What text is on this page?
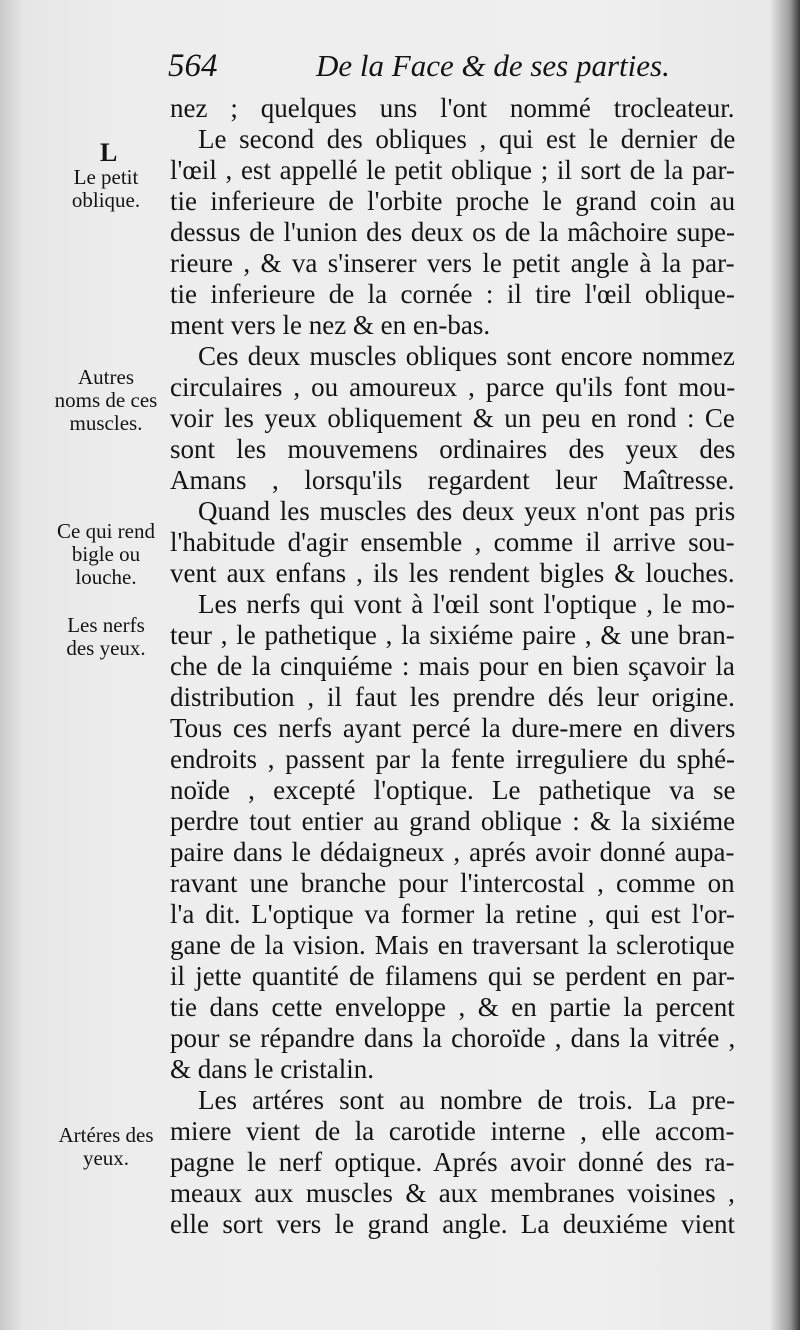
564	De la Face & de ses parties.
L
Le petit
oblique.
Autres
noms de ces
muscles.
Ce qui rend
bigle ou
louche.
Les nerfs
des yeux.
Artéres des
yeux.
nez ; quelques uns l'ont nommé trocleateur.
Le second des obliques , qui est le dernier de
l'œil , est appellé le petit oblique ; il sort de la par-
tie inferieure de l'orbite proche le grand coin au
dessus de l'union des deux os de la mâchoire supe-
rieure , & va s'inserer vers le petit angle à la par-
tie inferieure de la cornée : il tire l'œil oblique-
ment vers le nez & en en-bas.
Ces deux muscles obliques sont encore nommez
circulaires , ou amoureux , parce qu'ils font mou-
voir les yeux obliquement & un peu en rond : Ce
sont les mouvemens ordinaires des yeux des
Amans , lorsqu'ils regardent leur Maîtresse.
Quand les muscles des deux yeux n'ont pas pris
l'habitude d'agir ensemble , comme il arrive sou-
vent aux enfans , ils les rendent bigles & louches.
Les nerfs qui vont à l'œil sont l'optique , le mo-
teur , le pathetique , la sixiéme paire , & une bran-
che de la cinquiéme : mais pour en bien sçavoir la
distribution , il faut les prendre dés leur origine.
Tous ces nerfs ayant percé la dure-mere en divers
endroits , passent par la fente irreguliere du sphé-
noïde , excepté l'optique. Le pathetique va se
perdre tout entier au grand oblique : & la sixiéme
paire dans le dédaigneux , aprés avoir donné aupa-
ravant une branche pour l'intercostal , comme on
l'a dit. L'optique va former la retine , qui est l'or-
gane de la vision. Mais en traversant la sclerotique
il jette quantité de filamens qui se perdent en par-
tie dans cette enveloppe , & en partie la percent
pour se répandre dans la choroïde , dans la vitrée ,
& dans le cristalin.
Les artéres sont au nombre de trois. La pre-
miere vient de la carotide interne , elle accom-
pagne le nerf optique. Aprés avoir donné des ra-
meaux aux muscles & aux membranes voisines ,
elle sort vers le grand angle. La deuxiéme vient
